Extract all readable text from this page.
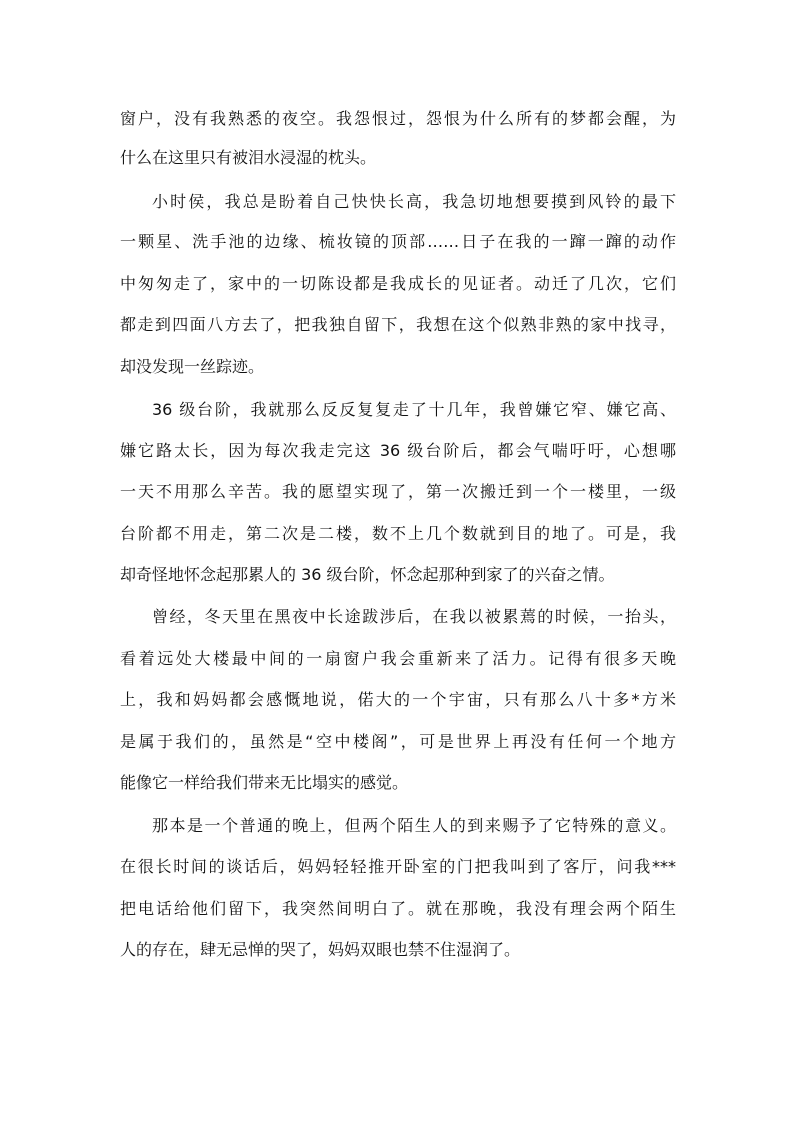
窗户，没有我熟悉的夜空。我怨恨过，怨恨为什么所有的梦都会醒，为

什么在这里只有被泪水浸湿的枕头。

小时侯，我总是盼着自己快快长高，我急切地想要摸到风铃的最下

一颗星、洗手池的边缘、梳妆镜的顶部……日子在我的一蹿一蹿的动作

中匆匆走了，家中的一切陈设都是我成长的见证者。动迁了几次，它们

都走到四面八方去了，把我独自留下，我想在这个似熟非熟的家中找寻，

却没发现一丝踪迹。

36 级台阶，我就那么反反复复走了十几年，我曾嫌它窄、嫌它高、

嫌它路太长，因为每次我走完这 36 级台阶后，都会气喘吁吁，心想哪

一天不用那么辛苦。我的愿望实现了，第一次搬迁到一个一楼里，一级

台阶都不用走，第二次是二楼，数不上几个数就到目的地了。可是，我

却奇怪地怀念起那累人的 36 级台阶，怀念起那种到家了的兴奋之情。

曾经，冬天里在黑夜中长途跋涉后，在我以被累蔫的时候，一抬头，

看着远处大楼最中间的一扇窗户我会重新来了活力。记得有很多天晚

上，我和妈妈都会感慨地说，偌大的一个宇宙，只有那么八十多*方米

是属于我们的，虽然是“空中楼阁”，可是世界上再没有任何一个地方

能像它一样给我们带来无比塌实的感觉。

那本是一个普通的晚上，但两个陌生人的到来赐予了它特殊的意义。

在很长时间的谈话后，妈妈轻轻推开卧室的门把我叫到了客厅，问我***

把电话给他们留下，我突然间明白了。就在那晚，我没有理会两个陌生

人的存在，肆无忌惮的哭了，妈妈双眼也禁不住湿润了。
